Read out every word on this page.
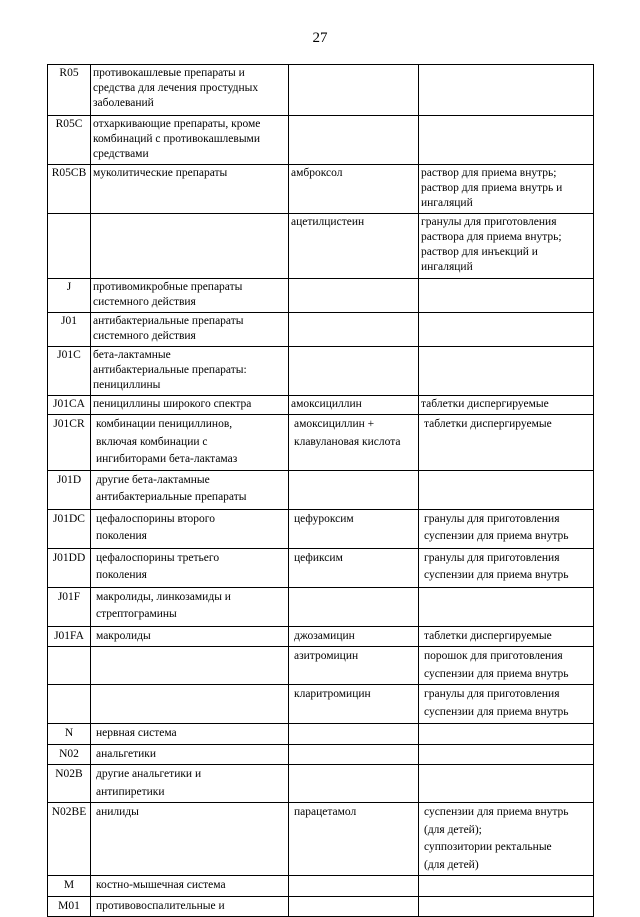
27
R05	противокашлевые препараты и
средства для лечения простудных
заболеваний		
R05C	отхаркивающие препараты, кроме
комбинаций с противокашлевыми
средствами		
R05CB	муколитические препараты	амброксол	раствор для приема внутрь;
раствор для приема внутрь и
ингаляций
		ацетилцистеин	гранулы для приготовления
раствора для приема внутрь;
раствор для инъекций и
ингаляций
J	противомикробные препараты
системного действия		
J01	антибактериальные препараты
системного действия		
J01C	бета-лактамные
антибактериальные препараты:
пенициллины		
J01CA	пенициллины широкого спектра	амоксициллин	таблетки диспергируемые
J01CR	комбинации пенициллинов,
включая комбинации с
ингибиторами бета-лактамаз	амоксициллин +
клавулановая кислота	таблетки диспергируемые
J01D	другие бета-лактамные
антибактериальные препараты		
J01DC	цефалоспорины второго
поколения	цефуроксим	гранулы для приготовления
суспензии для приема внутрь
J01DD	цефалоспорины третьего
поколения	цефиксим	гранулы для приготовления
суспензии для приема внутрь
J01F	макролиды, линкозамиды и
стрептограмины		
J01FA	макролиды	джозамицин	таблетки диспергируемые
		азитромицин	порошок для приготовления
суспензии для приема внутрь
		кларитромицин	гранулы для приготовления
суспензии для приема внутрь
N	нервная система		
N02	анальгетики		
N02B	другие анальгетики и
антипиретики		
N02BE	анилиды	парацетамол	суспензии для приема внутрь
(для детей);
суппозитории ректальные
(для детей)
M	костно-мышечная система		
M01	противовоспалительные и		
